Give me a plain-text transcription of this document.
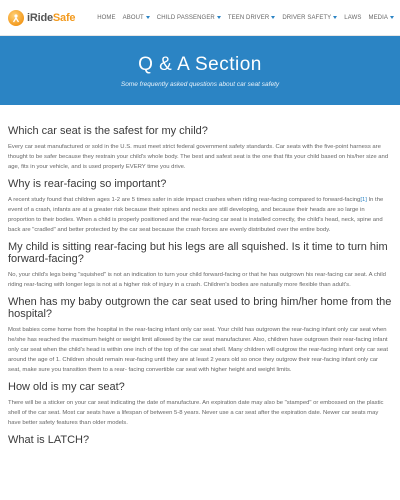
iRideSafe	HOME ABOUT CHILD PASSENGER TEEN DRIVER DRIVER SAFETY LAWS MEDIA
Q & A Section
Some frequently asked questions about car seat safety
Which car seat is the safest for my child?

Every car seat manufactured or sold in the U.S. must meet strict federal government safety standards. Car seats with the five-point harness are thought to be safer because they restrain your child's whole body. The best and safest seat is the one that fits your child based on his/her size and age, fits in your vehicle, and is used properly EVERY time you drive.

Why is rear-facing so important?

A recent study found that children ages 1-2 are 5 times safer in side impact crashes when riding rear-facing compared to forward-facing[1] In the event of a crash, infants are at a greater risk because their spines and necks are still developing, and because their heads are so large in proportion to their bodies. When a child is properly positioned and the rear-facing car seat is installed correctly, the child's head, neck, spine and back are "cradled" and better protected by the car seat because the crash forces are evenly distributed over the entire body.

My child is sitting rear-facing but his legs are all squished. Is it time to turn him forward-facing?

No, your child's legs being "squished" is not an indication to turn your child forward-facing or that he has outgrown his rear-facing car seat. A child riding rear-facing with longer legs is not at a higher risk of injury in a crash. Children's bodies are naturally more flexible than adult's.

When has my baby outgrown the car seat used to bring him/her home from the hospital?

Most babies come home from the hospital in the rear-facing infant only car seat. Your child has outgrown the rear-facing infant only car seat when he/she has reached the maximum height or weight limit allowed by the car seat manufacturer. Also, children have outgrown their rear-facing infant only car seat when the child's head is within one inch of the top of the car seat shell. Many children will outgrow the rear-facing infant only car seat around the age of 1. Children should remain rear-facing until they are at least 2 years old so once they outgrow their rear-facing infant only car seat, make sure you transition them to a rear- facing convertible car seat with higher height and weight limits.

How old is my car seat?

There will be a sticker on your car seat indicating the date of manufacture. An expiration date may also be "stamped" or embossed on the plastic shell of the car seat. Most car seats have a lifespan of between 5-8 years. Never use a car seat after the expiration date. Newer car seats may have better safety features than older models.

What is LATCH?
